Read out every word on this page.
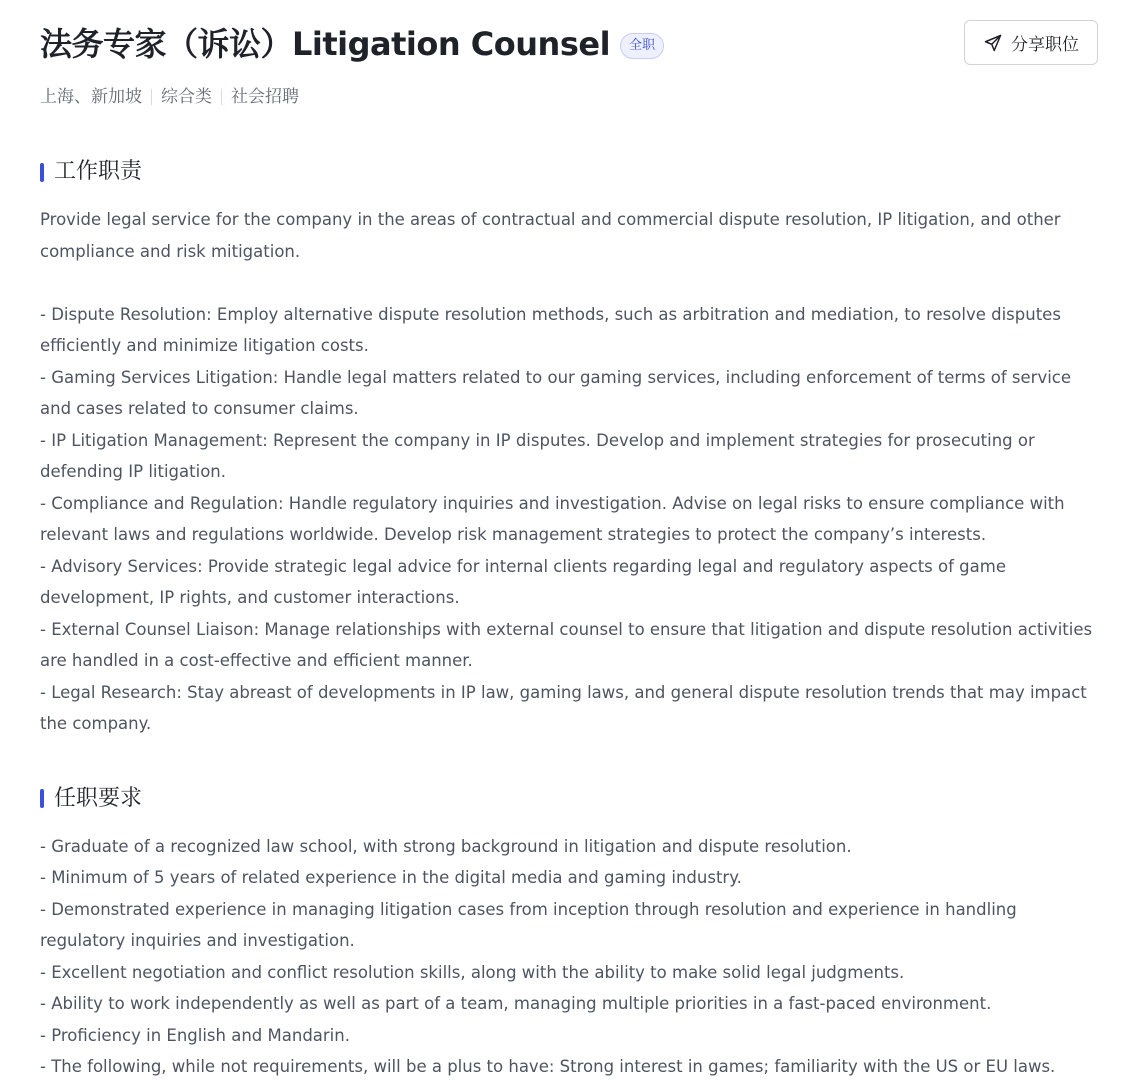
法务专家（诉讼）Litigation Counsel	全职	分享职位
上海、新加坡 综合类 社会招聘
工作职责
Provide legal service for the company in the areas of contractual and commercial dispute resolution, IP litigation, and other compliance and risk mitigation.

- Dispute Resolution: Employ alternative dispute resolution methods, such as arbitration and mediation, to resolve disputes efficiently and minimize litigation costs.
- Gaming Services Litigation: Handle legal matters related to our gaming services, including enforcement of terms of service and cases related to consumer claims.
- IP Litigation Management: Represent the company in IP disputes. Develop and implement strategies for prosecuting or defending IP litigation.
- Compliance and Regulation: Handle regulatory inquiries and investigation. Advise on legal risks to ensure compliance with relevant laws and regulations worldwide. Develop risk management strategies to protect the company’s interests.
- Advisory Services: Provide strategic legal advice for internal clients regarding legal and regulatory aspects of game development, IP rights, and customer interactions.
- External Counsel Liaison: Manage relationships with external counsel to ensure that litigation and dispute resolution activities are handled in a cost-effective and efficient manner.
- Legal Research: Stay abreast of developments in IP law, gaming laws, and general dispute resolution trends that may impact the company.
任职要求
- Graduate of a recognized law school, with strong background in litigation and dispute resolution.
- Minimum of 5 years of related experience in the digital media and gaming industry.
- Demonstrated experience in managing litigation cases from inception through resolution and experience in handling regulatory inquiries and investigation.
- Excellent negotiation and conflict resolution skills, along with the ability to make solid legal judgments.
- Ability to work independently as well as part of a team, managing multiple priorities in a fast-paced environment.
- Proficiency in English and Mandarin.
- The following, while not requirements, will be a plus to have: Strong interest in games; familiarity with the US or EU laws.
